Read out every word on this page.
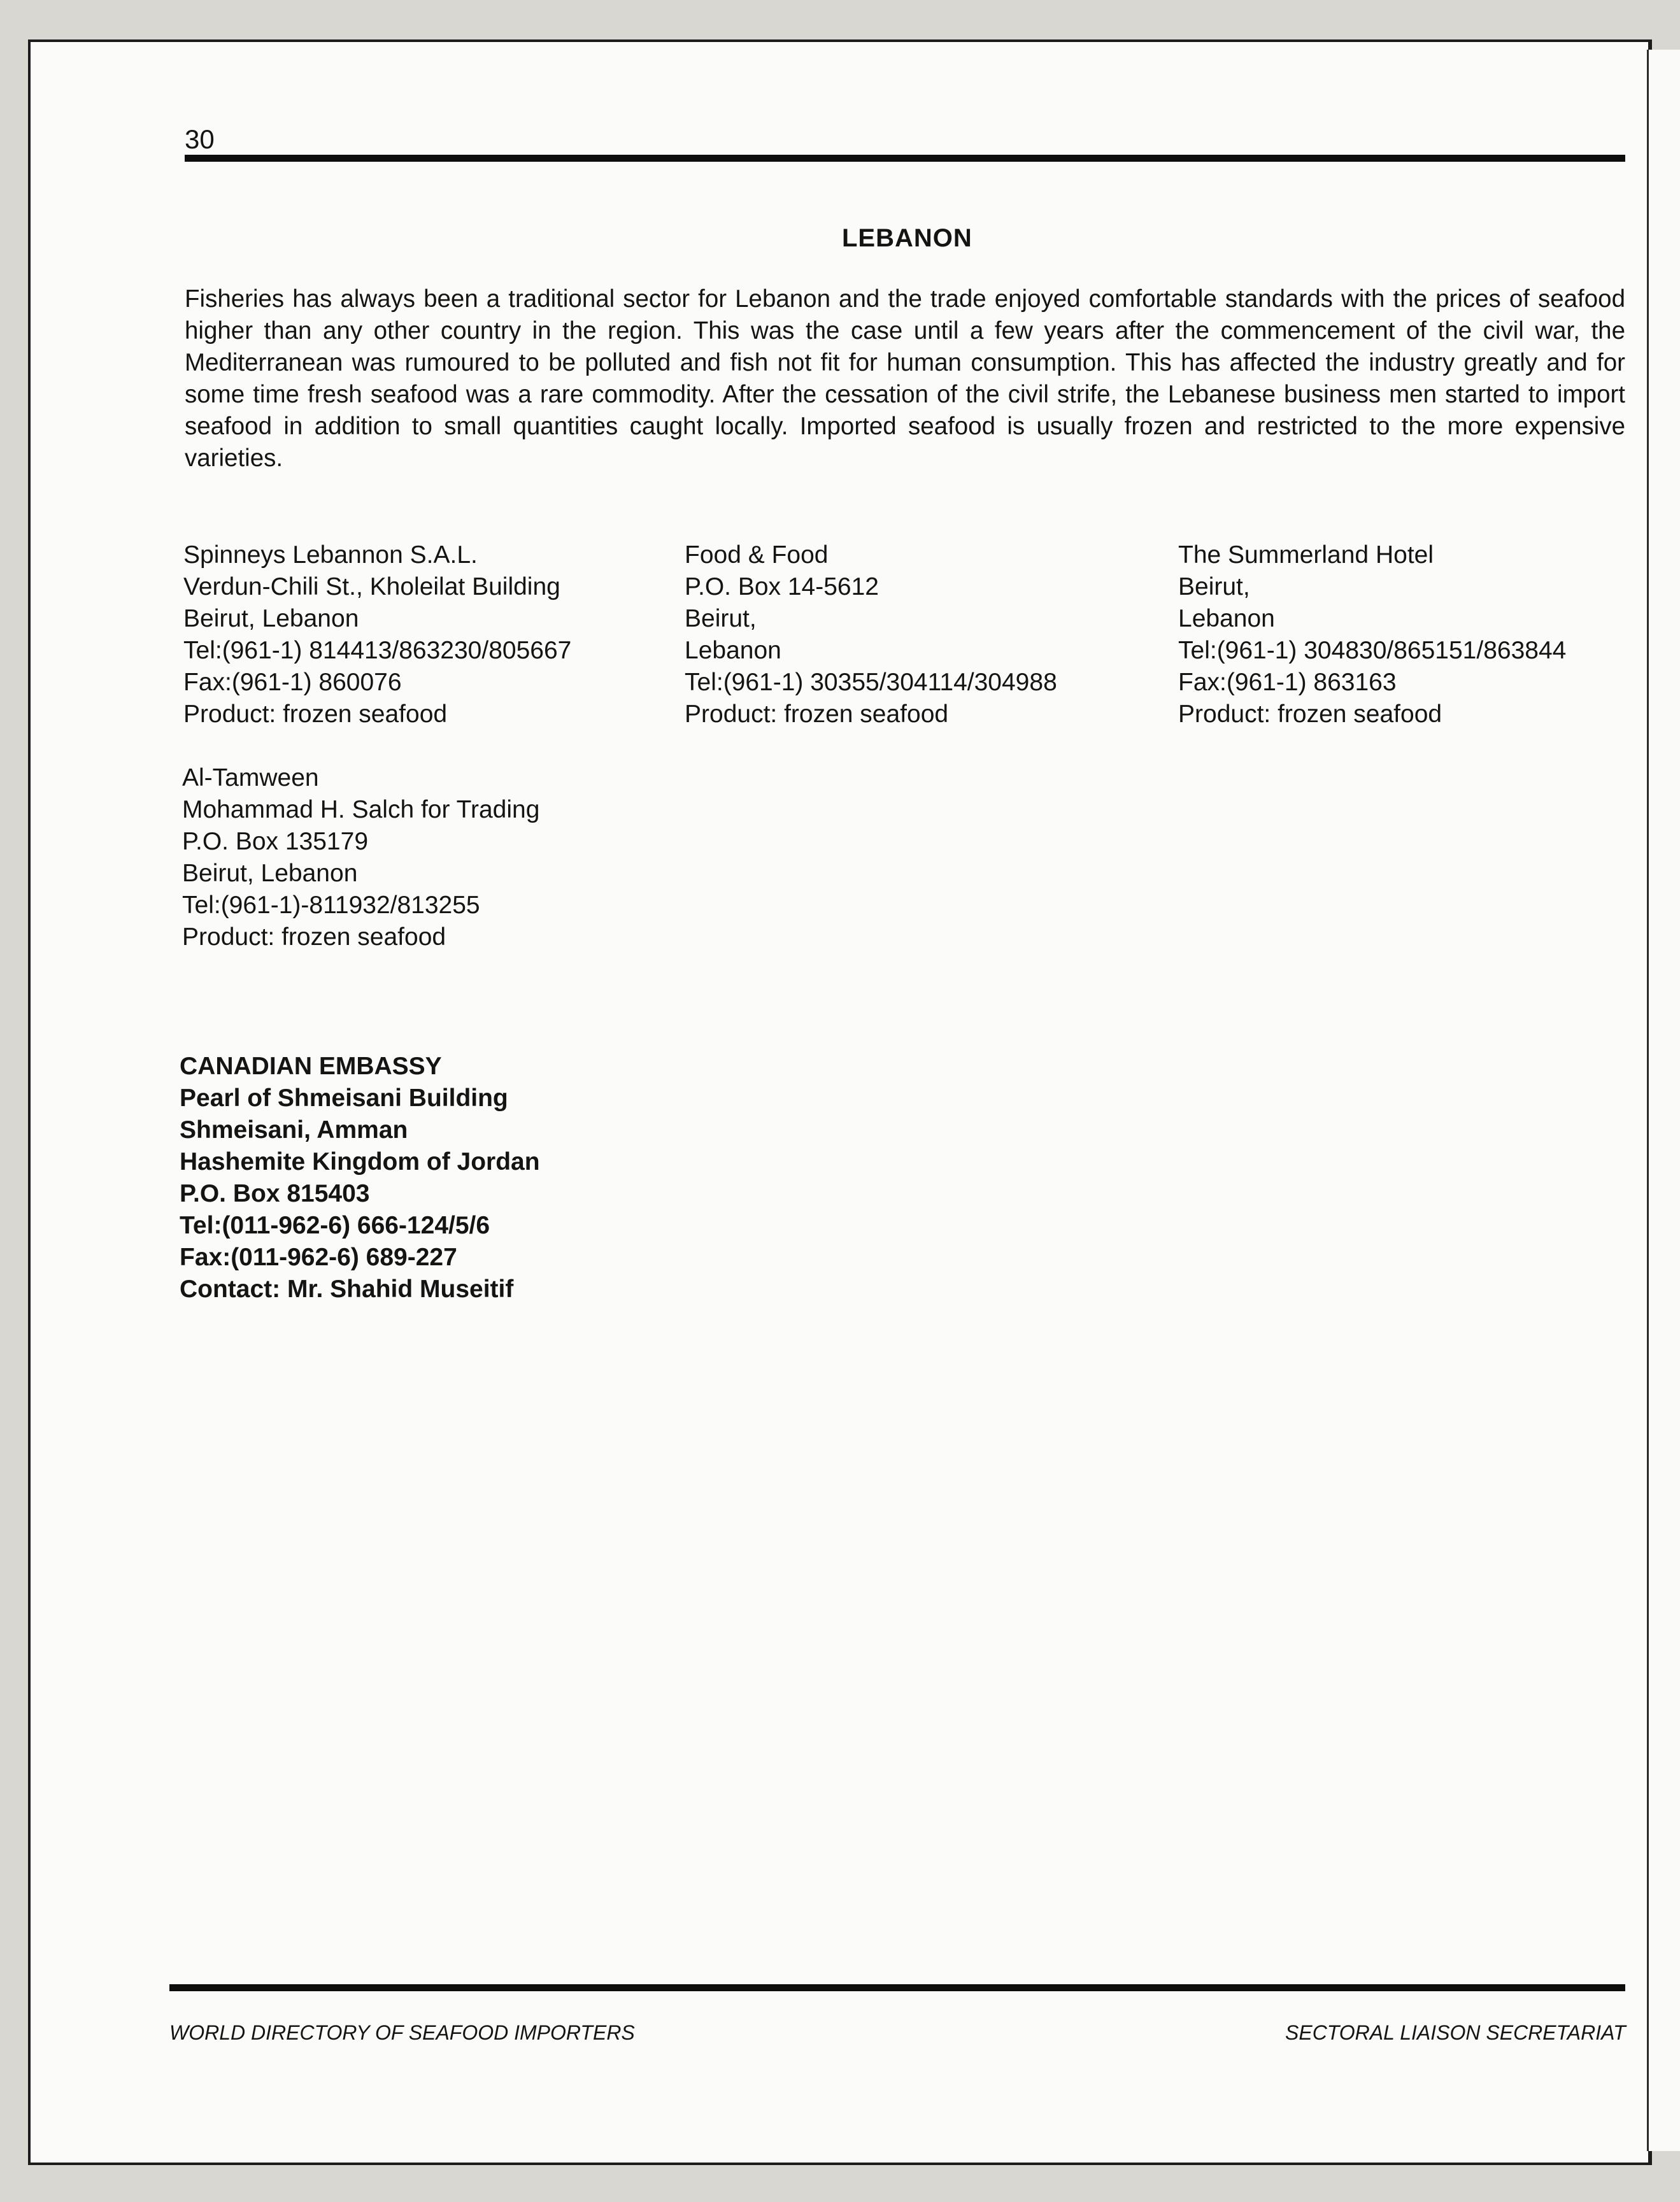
30
LEBANON

Fisheries has always been a traditional sector for Lebanon and the trade enjoyed comfortable standards with the prices of seafood higher than any other country in the region. This was the case until a few years after the commencement of the civil war, the Mediterranean was rumoured to be polluted and fish not fit for human consumption. This has affected the industry greatly and for some time fresh seafood was a rare commodity. After the cessation of the civil strife, the Lebanese business men started to import seafood in addition to small quantities caught locally. Imported seafood is usually frozen and restricted to the more expensive varieties.

Spinneys Lebannon S.A.L.
Verdun-Chili St., Kholeilat Building
Beirut, Lebanon
Tel:(961-1) 814413/863230/805667
Fax:(961-1) 860076
Product: frozen seafood
Food & Food
P.O. Box 14-5612
Beirut,
Lebanon
Tel:(961-1) 30355/304114/304988
Product: frozen seafood
The Summerland Hotel
Beirut,
Lebanon
Tel:(961-1) 304830/865151/863844
Fax:(961-1) 863163
Product: frozen seafood
Al-Tamween
Mohammad H. Salch for Trading
P.O. Box 135179
Beirut, Lebanon
Tel:(961-1)-811932/813255
Product: frozen seafood
CANADIAN EMBASSY
Pearl of Shmeisani Building
Shmeisani, Amman
Hashemite Kingdom of Jordan
P.O. Box 815403
Tel:(011-962-6) 666-124/5/6
Fax:(011-962-6) 689-227
Contact: Mr. Shahid Museitif
WORLD DIRECTORY OF SEAFOOD IMPORTERS	SECTORAL LIAISON SECRETARIAT
